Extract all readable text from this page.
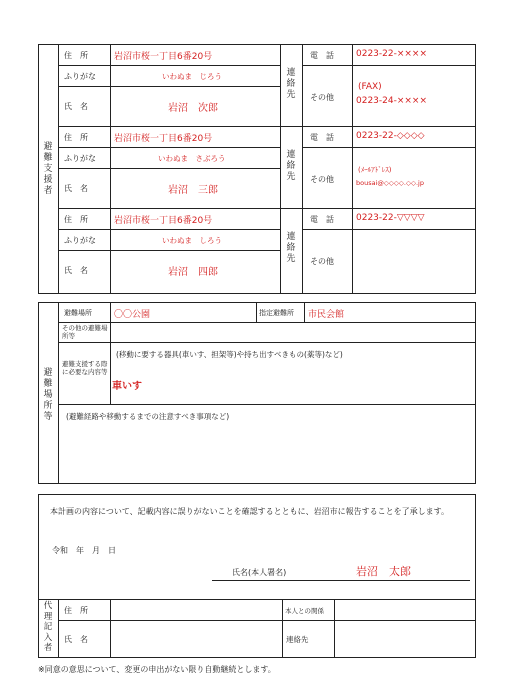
避難支援者
住　所	岩沼市桜一丁目6番20号
ふりがな	いわぬま　じろう
氏　名	岩沼　次郎
連絡先
電　話 0223-22-××××
その他
(FAX)
0223-24-××××
住　所	岩沼市桜一丁目6番20号
ふりがな	いわぬま　さぶろう
氏　名	岩沼　三郎
連絡先
電　話 0223-22-◇◇◇◇
その他
(ﾒｰﾙｱﾄﾞﾚｽ)
bousai@◇◇◇◇.◇◇.jp
住　所	岩沼市桜一丁目6番20号
ふりがな	いわぬま　しろう
氏　名	岩沼　四郎
連絡先
電　話 0223-22-▽▽▽▽
その他
避難場所等
避難場所 〇〇公園	指定避難所 市民会館
その他の避難場所等
避難支援する際に必要な内容等
(移動に要する器具(車いす、担架等)や持ち出すべきもの(薬等)など)
車いす
(避難経路や移動するまでの注意すべき事項など)
本計画の内容について、記載内容に誤りがないことを確認するとともに、岩沼市に報告することを了承します。
令和　年　月　日
氏名(本人署名)	岩沼　太郎
代理記入者
住　所
氏　名
本人との関係
連絡先
※同意の意思について、変更の申出がない限り自動継続とします。
